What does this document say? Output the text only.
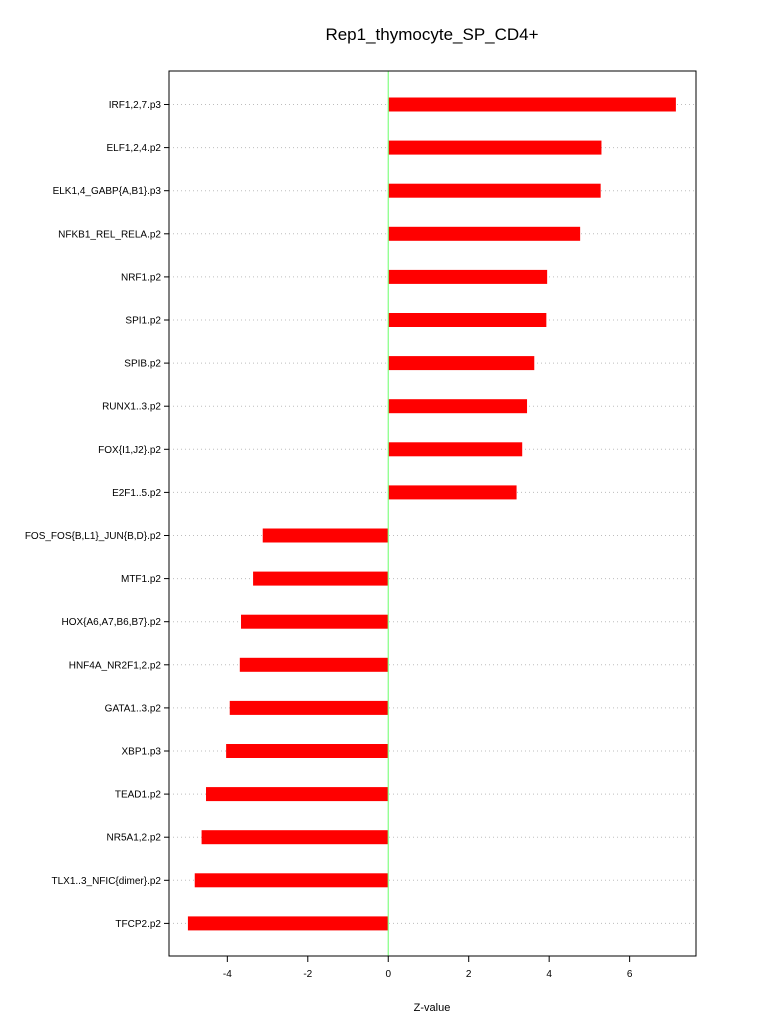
Rep1_thymocyte_SP_CD4+
IRF1,2,7.p3
ELF1,2,4.p2
ELK1,4_GABP{A,B1}.p3
NFKB1_REL_RELA.p2
NRF1.p2
SPI1.p2
SPIB.p2
RUNX1..3.p2
FOX{I1,J2}.p2
E2F1..5.p2
FOS_FOS{B,L1}_JUN{B,D}.p2
MTF1.p2
HOX{A6,A7,B6,B7}.p2
HNF4A_NR2F1,2.p2
GATA1..3.p2
XBP1.p3
TEAD1.p2
NR5A1,2.p2
TLX1..3_NFIC{dimer}.p2
TFCP2.p2
-4	-2	0	2	4	6
Z-value
